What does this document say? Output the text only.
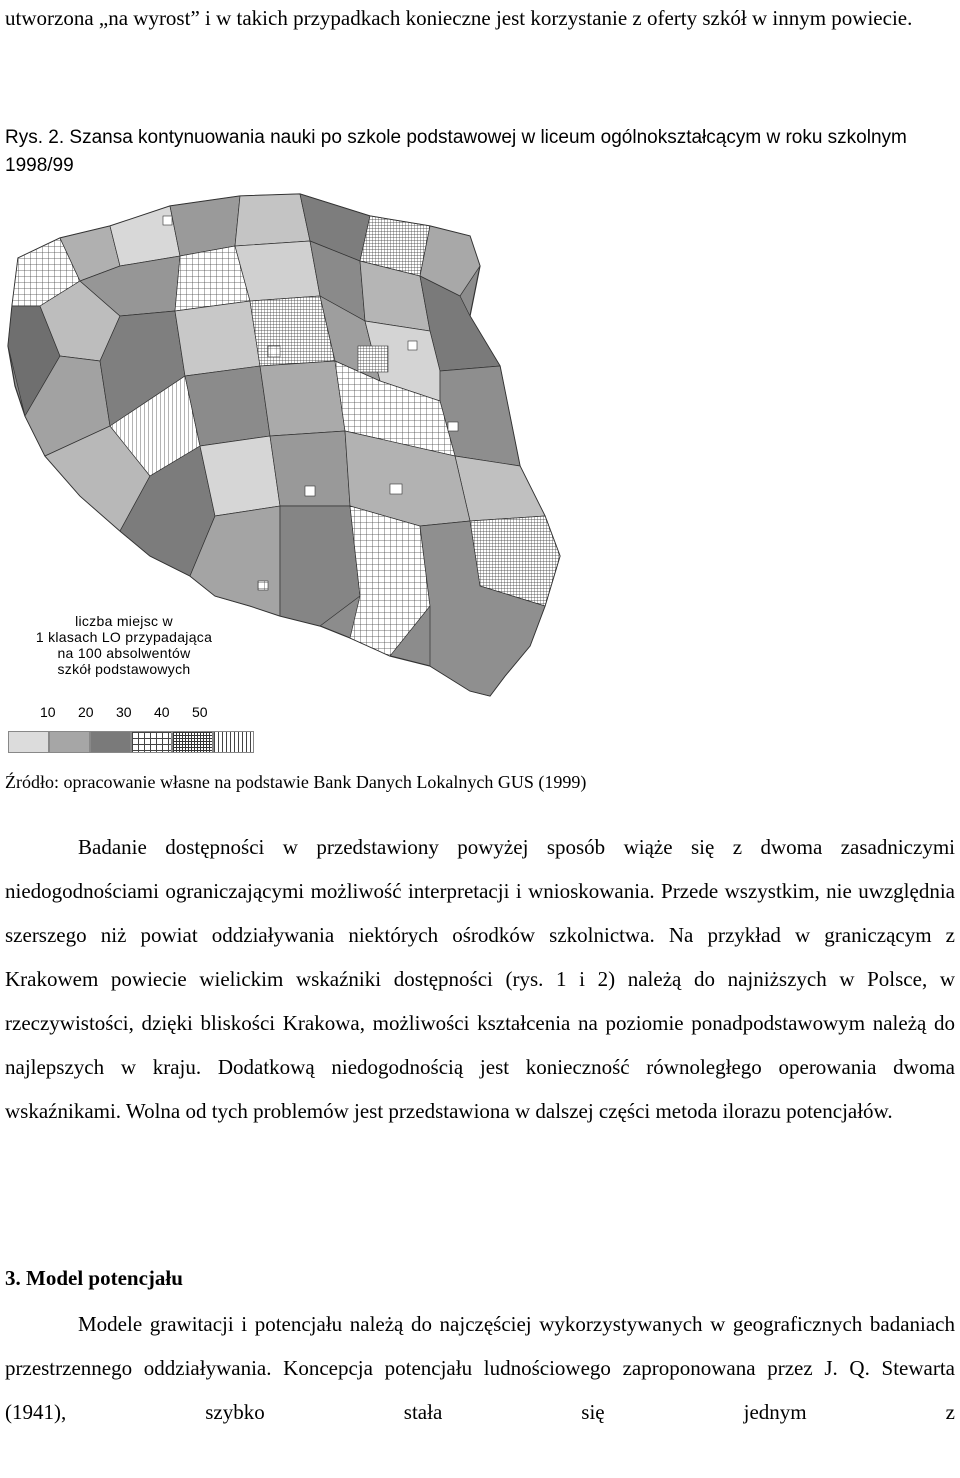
utworzona „na wyrost” i w takich przypadkach konieczne jest korzystanie z oferty szkół w innym powiecie.
Rys. 2. Szansa kontynuowania nauki po szkole podstawowej w liceum ogólnokształcącym w roku szkolnym 1998/99
liczba miejsc w
1 klasach LO przypadająca
na 100 absolwentów
szkół podstawowych
10 20 30 40 50
Źródło: opracowanie własne na podstawie Bank Danych Lokalnych GUS (1999)
Badanie dostępności w przedstawiony powyżej sposób wiąże się z dwoma zasadniczymi niedogodnościami ograniczającymi możliwość interpretacji i wnioskowania. Przede wszystkim, nie uwzględnia szerszego niż powiat oddziaływania niektórych ośrodków szkolnictwa. Na przykład w graniczącym z Krakowem powiecie wielickim wskaźniki dostępności (rys. 1 i 2) należą do najniższych w Polsce, w rzeczywistości, dzięki bliskości Krakowa, możliwości kształcenia na poziomie ponadpodstawowym należą do najlepszych w kraju. Dodatkową niedogodnością jest konieczność równoległego operowania dwoma wskaźnikami. Wolna od tych problemów jest przedstawiona w dalszej części metoda ilorazu potencjałów.
3. Model potencjału
Modele grawitacji i potencjału należą do najczęściej wykorzystywanych w geograficznych badaniach przestrzennego oddziaływania. Koncepcja potencjału ludnościowego zaproponowana przez J. Q. Stewarta (1941), szybko stała się jednym z
